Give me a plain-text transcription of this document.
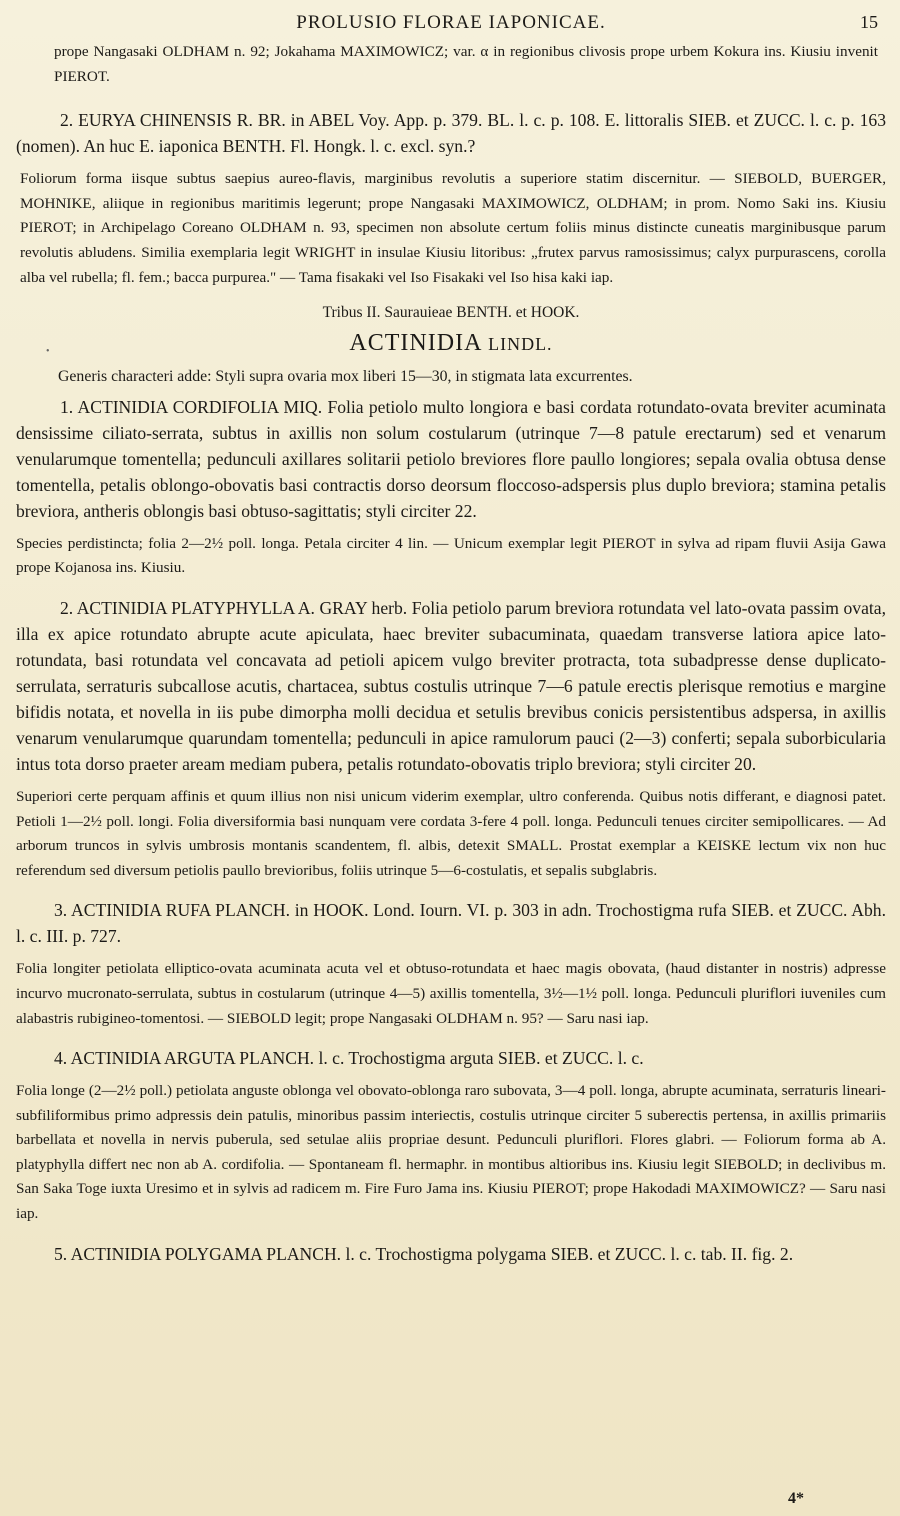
PROLUSIO FLORAE IAPONICAE.	15

prope Nangasaki OLDHAM n. 92; Jokahama MAXIMOWICZ; var. α in regionibus clivosis prope urbem Kokura ins. Kiusiu invenit PIEROT.

2. EURYA CHINENSIS R. BR. in ABEL Voy. App. p. 379. BL. l. c. p. 108. E. littoralis SIEB. et ZUCC. l. c. p. 163 (nomen). An huc E. iaponica BENTH. Fl. Hongk. l. c. excl. syn.?

Foliorum forma iisque subtus saepius aureo-flavis, marginibus revolutis a superiore statim discernitur. — SIEBOLD, BUERGER, MOHNIKE, aliique in regionibus maritimis legerunt; prope Nangasaki MAXIMOWICZ, OLDHAM; in prom. Nomo Saki ins. Kiusiu PIEROT; in Archipelago Coreano OLDHAM n. 93, specimen non absolute certum foliis minus distincte cuneatis marginibusque parum revolutis abludens. Similia exemplaria legit WRIGHT in insulae Kiusiu litoribus: „frutex parvus ramosissimus; calyx purpurascens, corolla alba vel rubella; fl. fem.; bacca purpurea." — Tama fisakaki vel Iso Fisakaki vel Iso hisa kaki iap.

•

Tribus II. Saurauieae BENTH. et HOOK.

ACTINIDIA LINDL.

Generis characteri adde: Styli supra ovaria mox liberi 15—30, in stigmata lata excurrentes.

1. ACTINIDIA CORDIFOLIA MIQ. Folia petiolo multo longiora e basi cordata rotundato-ovata breviter acuminata densissime ciliato-serrata, subtus in axillis non solum costularum (utrinque 7—8 patule erectarum) sed et venarum venularumque tomentella; pedunculi axillares solitarii petiolo breviores flore paullo longiores; sepala ovalia obtusa dense tomentella, petalis oblongo-obovatis basi contractis dorso deorsum floccoso-adspersis plus duplo breviora; stamina petalis breviora, antheris oblongis basi obtuso-sagittatis; styli circiter 22.

Species perdistincta; folia 2—2½ poll. longa. Petala circiter 4 lin. — Unicum exemplar legit PIEROT in sylva ad ripam fluvii Asija Gawa prope Kojanosa ins. Kiusiu.

2. ACTINIDIA PLATYPHYLLA A. GRAY herb. Folia petiolo parum breviora rotundata vel lato-ovata passim ovata, illa ex apice rotundato abrupte acute apiculata, haec breviter subacuminata, quaedam transverse latiora apice lato-rotundata, basi rotundata vel concavata ad petioli apicem vulgo breviter protracta, tota subadpresse dense duplicato-serrulata, serraturis subcallose acutis, chartacea, subtus costulis utrinque 7—6 patule erectis plerisque remotius e margine bifidis notata, et novella in iis pube dimorpha molli decidua et setulis brevibus conicis persistentibus adspersa, in axillis venarum venularumque quarundam tomentella; pedunculi in apice ramulorum pauci (2—3) conferti; sepala suborbicularia intus tota dorso praeter aream mediam pubera, petalis rotundato-obovatis triplo breviora; styli circiter 20.

Superiori certe perquam affinis et quum illius non nisi unicum viderim exemplar, ultro conferenda. Quibus notis differant, e diagnosi patet. Petioli 1—2½ poll. longi. Folia diversiformia basi nunquam vere cordata 3-fere 4 poll. longa. Pedunculi tenues circiter semipollicares. — Ad arborum truncos in sylvis umbrosis montanis scandentem, fl. albis, detexit SMALL. Prostat exemplar a KEISKE lectum vix non huc referendum sed diversum petiolis paullo brevioribus, foliis utrinque 5—6-costulatis, et sepalis subglabris.

3. ACTINIDIA RUFA PLANCH. in HOOK. Lond. Iourn. VI. p. 303 in adn. Trochostigma rufa SIEB. et ZUCC. Abh. l. c. III. p. 727.

Folia longiter petiolata elliptico-ovata acuminata acuta vel et obtuso-rotundata et haec magis obovata, (haud distanter in nostris) adpresse incurvo mucronato-serrulata, subtus in costularum (utrinque 4—5) axillis tomentella, 3½—1½ poll. longa. Pedunculi pluriflori iuveniles cum alabastris rubigineo-tomentosi. — SIEBOLD legit; prope Nangasaki OLDHAM n. 95? — Saru nasi iap.

4. ACTINIDIA ARGUTA PLANCH. l. c. Trochostigma arguta SIEB. et ZUCC. l. c.

Folia longe (2—2½ poll.) petiolata anguste oblonga vel obovato-oblonga raro subovata, 3—4 poll. longa, abrupte acuminata, serraturis lineari-subfiliformibus primo adpressis dein patulis, minoribus passim interiectis, costulis utrinque circiter 5 suberectis pertensa, in axillis primariis barbellata et novella in nervis puberula, sed setulae aliis propriae desunt. Pedunculi pluriflori. Flores glabri. — Foliorum forma ab A. platyphylla differt nec non ab A. cordifolia. — Spontaneam fl. hermaphr. in montibus altioribus ins. Kiusiu legit SIEBOLD; in declivibus m. San Saka Toge iuxta Uresimo et in sylvis ad radicem m. Fire Furo Jama ins. Kiusiu PIEROT; prope Hakodadi MAXIMOWICZ? — Saru nasi iap.

5. ACTINIDIA POLYGAMA PLANCH. l. c. Trochostigma polygama SIEB. et ZUCC. l. c. tab. II. fig. 2.

4*
